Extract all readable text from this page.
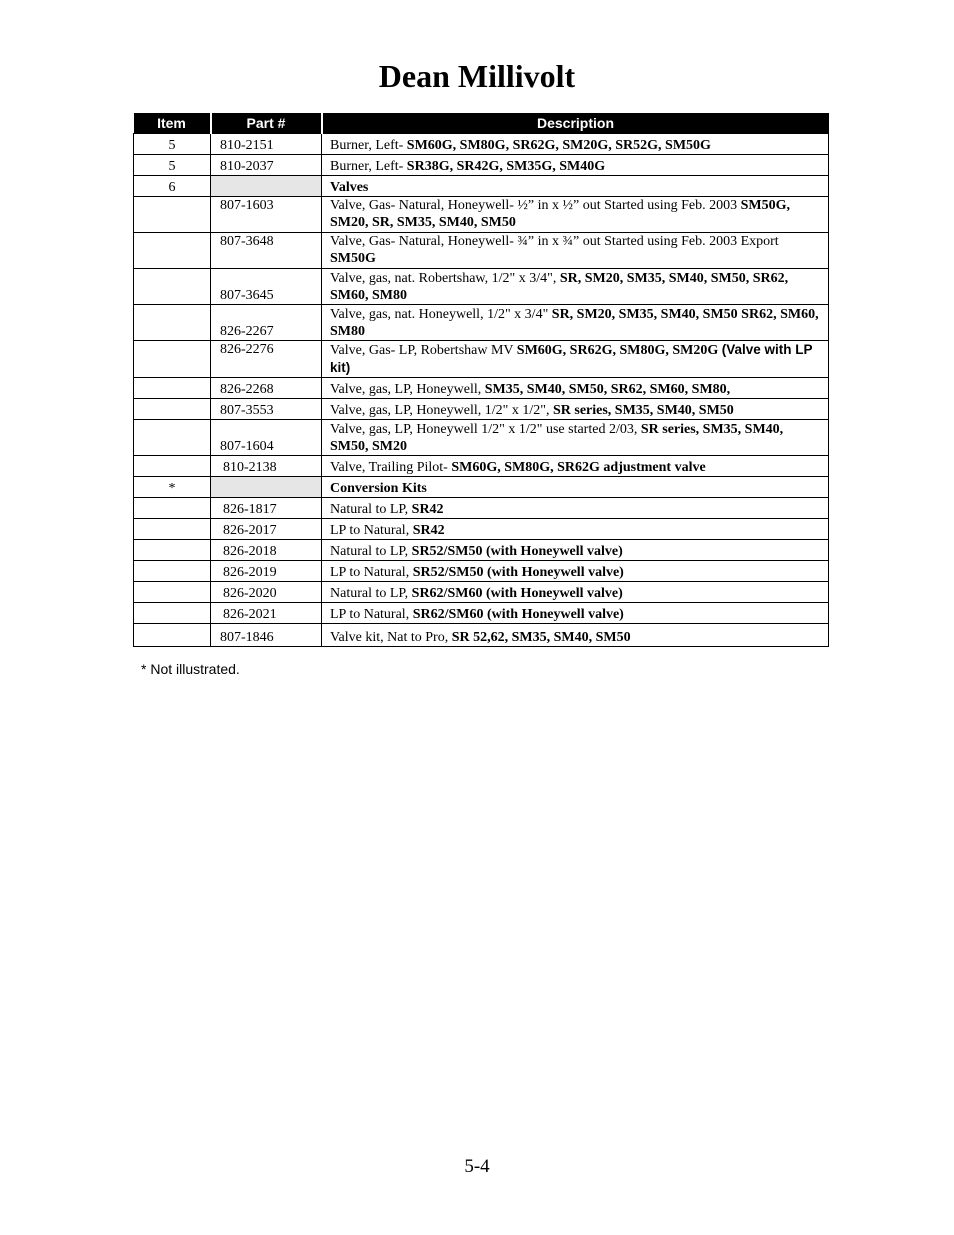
Dean Millivolt
Item	Part #	Description
5	810-2151	Burner, Left- SM60G, SM80G, SR62G, SM20G, SR52G, SM50G
5	810-2037	Burner, Left- SR38G, SR42G, SM35G, SM40G
6		Valves
	807-1603	Valve, Gas- Natural, Honeywell- ½” in x ½” out Started using Feb. 2003 SM50G, SM20, SR, SM35, SM40, SM50
	807-3648	Valve, Gas- Natural, Honeywell- ¾” in x ¾” out Started using Feb. 2003 Export SM50G
	807-3645	Valve, gas, nat. Robertshaw, 1/2" x 3/4", SR, SM20, SM35, SM40, SM50, SR62, SM60, SM80
	826-2267	Valve, gas, nat. Honeywell, 1/2" x 3/4" SR, SM20, SM35, SM40, SM50 SR62, SM60, SM80
	826-2276	Valve, Gas- LP, Robertshaw MV SM60G, SR62G, SM80G, SM20G (Valve with LP kit)
	826-2268	Valve, gas, LP, Honeywell, SM35, SM40, SM50, SR62, SM60, SM80,
	807-3553	Valve, gas, LP, Honeywell, 1/2" x 1/2", SR series, SM35, SM40, SM50
	807-1604	Valve, gas, LP, Honeywell 1/2" x 1/2" use started 2/03, SR series, SM35, SM40, SM50, SM20
	810-2138	Valve, Trailing Pilot- SM60G, SM80G, SR62G adjustment valve
*		Conversion Kits
	826-1817	Natural to LP, SR42
	826-2017	LP to Natural, SR42
	826-2018	Natural to LP, SR52/SM50 (with Honeywell valve)
	826-2019	LP to Natural, SR52/SM50 (with Honeywell valve)
	826-2020	Natural to LP, SR62/SM60 (with Honeywell valve)
	826-2021	LP to Natural, SR62/SM60 (with Honeywell valve)
	807-1846	Valve kit, Nat to Pro, SR 52,62, SM35, SM40, SM50
* Not illustrated.
5-4
